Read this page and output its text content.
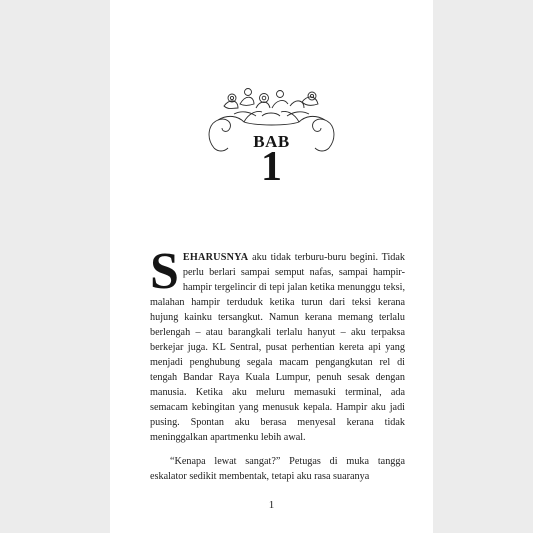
BAB
1

SEHARUSNYA aku tidak terburu-buru begini. Tidak perlu berlari sampai semput nafas, sampai hampir-hampir tergelincir di tepi jalan ketika menunggu teksi, malahan hampir terduduk ketika turun dari teksi kerana hujung kainku tersangkut. Namun kerana memang terlalu berlengah – atau barangkali terlalu hanyut – aku terpaksa berkejar juga. KL Sentral, pusat perhentian kereta api yang menjadi penghubung segala macam pengangkutan rel di tengah Bandar Raya Kuala Lumpur, penuh sesak dengan manusia. Ketika aku meluru memasuki terminal, ada semacam kebingitan yang menusuk kepala. Hampir aku jadi pusing. Spontan aku berasa menyesal kerana tidak meninggalkan apartmenku lebih awal.

“Kenapa lewat sangat?” Petugas di muka tangga eskalator sedikit membentak, tetapi aku rasa suaranya

1
